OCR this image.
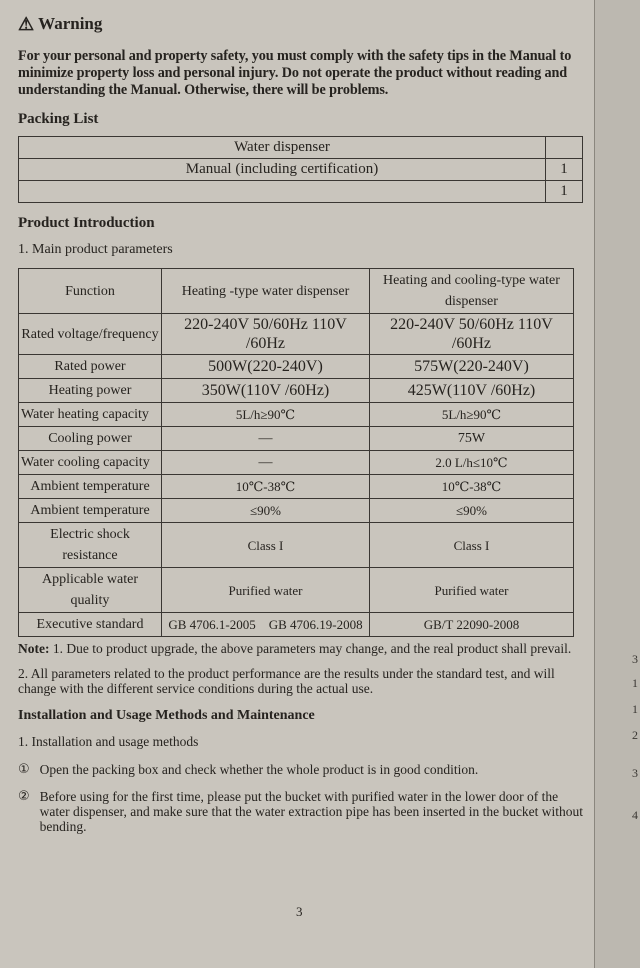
⚠ Warning
For your personal and property safety, you must comply with the safety tips in the Manual to minimize property loss and personal injury. Do not operate the product without reading and understanding the Manual. Otherwise, there will be problems.
Packing List
Water dispenser	
Manual (including certification)	1
	1
Product Introduction
1. Main product parameters
Function	Heating -type water dispenser	Heating and cooling-type water dispenser
Rated voltage/frequency	220-240V 50/60Hz 110V /60Hz	220-240V 50/60Hz 110V /60Hz
Rated power	500W(220-240V)	575W(220-240V)
Heating power	350W(110V /60Hz)	425W(110V /60Hz)
Water heating capacity	5L/h≥90℃	5L/h≥90℃
Cooling power	—	75W
Water cooling capacity	—	2.0 L/h≤10℃
Ambient temperature	10℃-38℃	10℃-38℃
Ambient temperature	≤90%	≤90%
Electric shock resistance	Class I	Class I
Applicable water quality	Purified water	Purified water
Executive standard	GB 4706.1-2005    GB 4706.19-2008	GB/T 22090-2008
Note: 1. Due to product upgrade, the above parameters may change, and the real product shall prevail.
2. All parameters related to the product performance are the results under the standard test, and will change with the different service conditions during the actual use.
Installation and Usage Methods and Maintenance
1. Installation and usage methods
① Open the packing box and check whether the whole product is in good condition.
② Before using for the first time, please put the bucket with purified water in the lower door of the water dispenser, and make sure that the water extraction pipe has been inserted in the bucket without bending.
3
3
1
1
2
3
4
